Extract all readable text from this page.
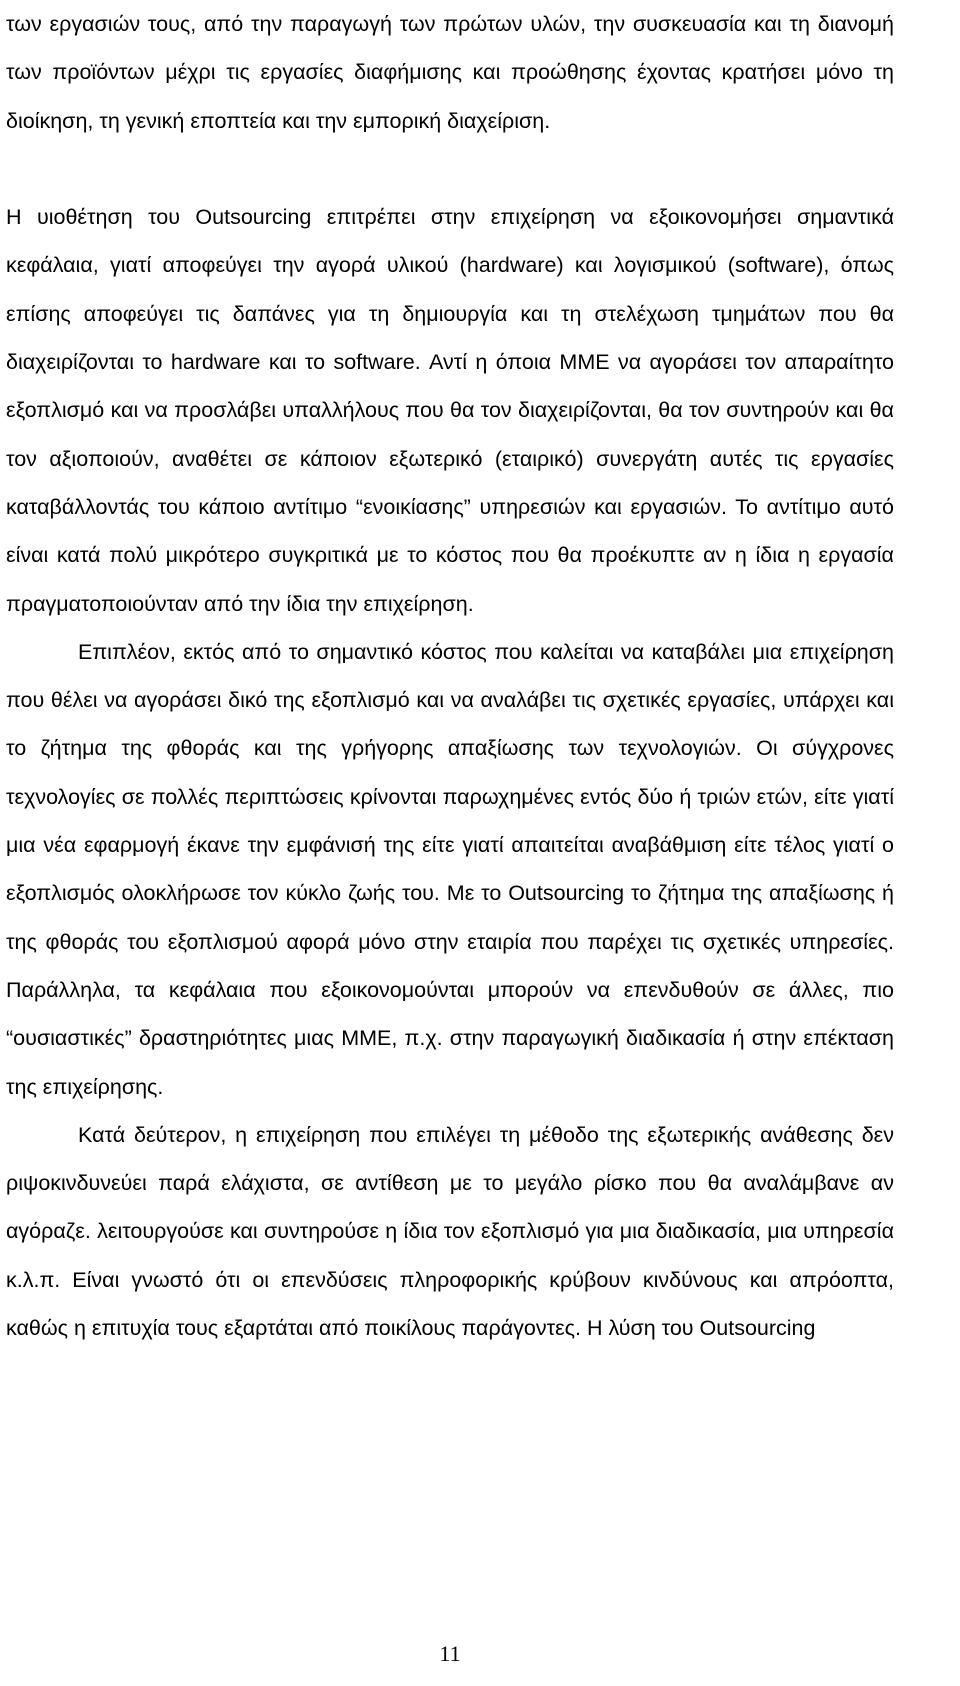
των εργασιών τους, από την παραγωγή των πρώτων υλών, την συσκευασία και τη διανομή των προϊόντων μέχρι τις εργασίες διαφήμισης και προώθησης έχοντας κρατήσει μόνο τη διοίκηση, τη γενική εποπτεία και την εμπορική διαχείριση.

Η υιοθέτηση του Outsourcing επιτρέπει στην επιχείρηση να εξοικονομήσει σημαντικά κεφάλαια, γιατί αποφεύγει την αγορά υλικού (hardware) και λογισμικού (software), όπως επίσης αποφεύγει τις δαπάνες για τη δημιουργία και τη στελέχωση τμημάτων που θα διαχειρίζονται το hardware και το software. Αντί η όποια ΜΜΕ να αγοράσει τον απαραίτητο εξοπλισμό και να προσλάβει υπαλλήλους που θα τον διαχειρίζονται, θα τον συντηρούν και θα τον αξιοποιούν, αναθέτει σε κάποιον εξωτερικό (εταιρικό) συνεργάτη αυτές τις εργασίες καταβάλλοντάς του κάποιο αντίτιμο “ενοικίασης” υπηρεσιών και εργασιών. Το αντίτιμο αυτό είναι κατά πολύ μικρότερο συγκριτικά με το κόστος που θα προέκυπτε αν η ίδια η εργασία πραγματοποιούνταν από την ίδια την επιχείρηση.

Επιπλέον, εκτός από το σημαντικό κόστος που καλείται να καταβάλει μια επιχείρηση που θέλει να αγοράσει δικό της εξοπλισμό και να αναλάβει τις σχετικές εργασίες, υπάρχει και το ζήτημα της φθοράς και της γρήγορης απαξίωσης των τεχνολογιών. Οι σύγχρονες τεχνολογίες σε πολλές περιπτώσεις κρίνονται παρωχημένες εντός δύο ή τριών ετών, είτε γιατί μια νέα εφαρμογή έκανε την εμφάνισή της είτε γιατί απαιτείται αναβάθμιση είτε τέλος γιατί ο εξοπλισμός ολοκλήρωσε τον κύκλο ζωής του. Με το Outsourcing το ζήτημα της απαξίωσης ή της φθοράς του εξοπλισμού αφορά μόνο στην εταιρία που παρέχει τις σχετικές υπηρεσίες. Παράλληλα, τα κεφάλαια που εξοικονομούνται μπορούν να επενδυθούν σε άλλες, πιο “ουσιαστικές” δραστηριότητες μιας ΜΜΕ, π.χ. στην παραγωγική διαδικασία ή στην επέκταση της επιχείρησης.

Κατά δεύτερον, η επιχείρηση που επιλέγει τη μέθοδο της εξωτερικής ανάθεσης δεν ριψοκινδυνεύει παρά ελάχιστα, σε αντίθεση με το μεγάλο ρίσκο που θα αναλάμβανε αν αγόραζε. λειτουργούσε και συντηρούσε η ίδια τον εξοπλισμό για μια διαδικασία, μια υπηρεσία κ.λ.π. Είναι γνωστό ότι οι επενδύσεις πληροφορικής κρύβουν κινδύνους και απρόοπτα, καθώς η επιτυχία τους εξαρτάται από ποικίλους παράγοντες. Η λύση του Outsourcing

11
